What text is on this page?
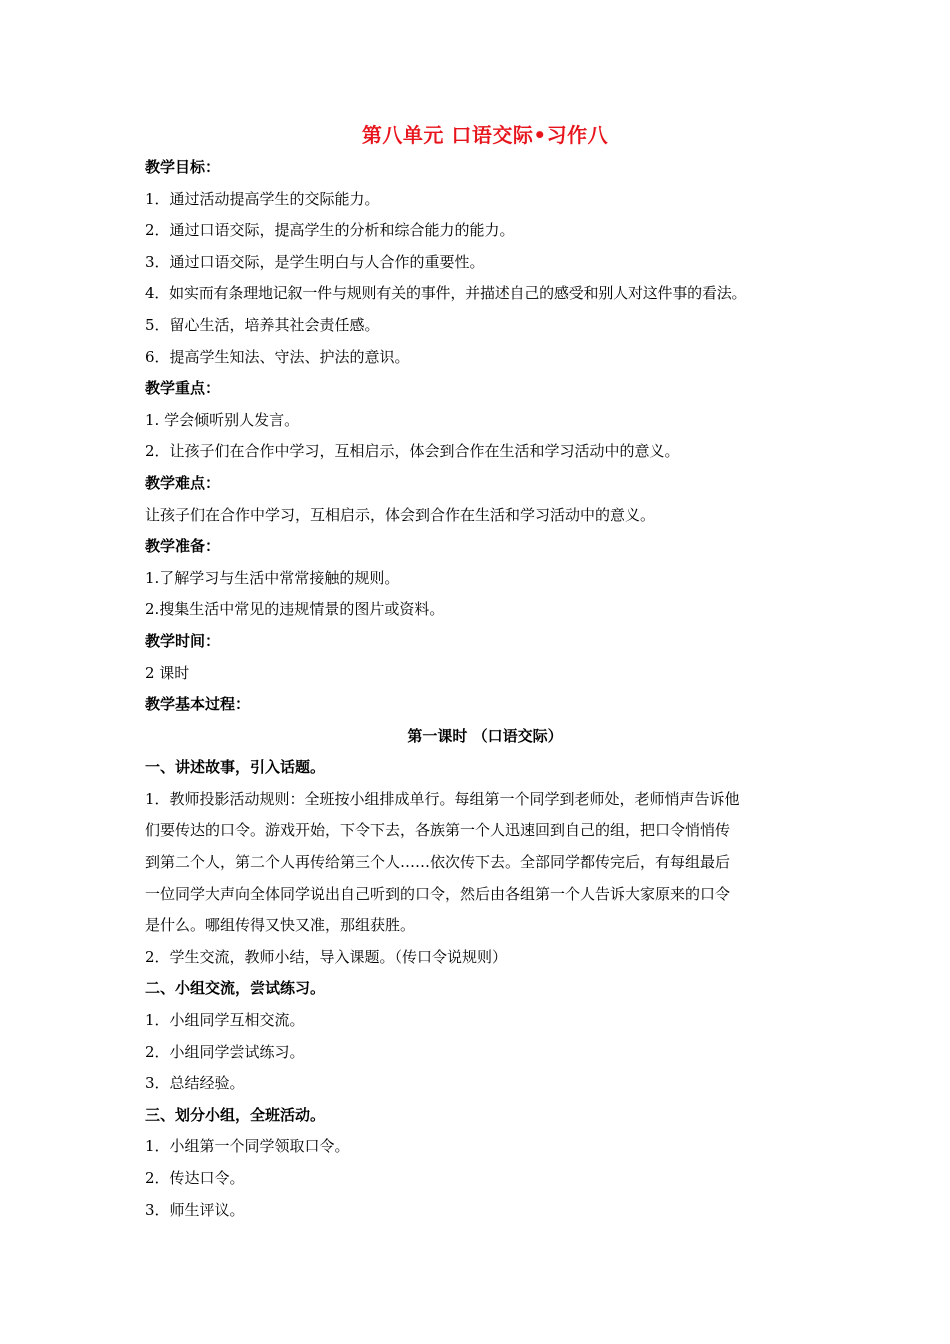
第八单元 口语交际•习作八

教学目标：

1．通过活动提高学生的交际能力。

2．通过口语交际，提高学生的分析和综合能力的能力。

3．通过口语交际，是学生明白与人合作的重要性。

4．如实而有条理地记叙一件与规则有关的事件，并描述自己的感受和别人对这件事的看法。

5．留心生活，培养其社会责任感。

6．提高学生知法、守法、护法的意识。

教学重点：

1. 学会倾听别人发言。

2．让孩子们在合作中学习，互相启示，体会到合作在生活和学习活动中的意义。

教学难点：

让孩子们在合作中学习，互相启示，体会到合作在生活和学习活动中的意义。

教学准备：

1.了解学习与生活中常常接触的规则。

2.搜集生活中常见的违规情景的图片或资料。

教学时间：

2 课时

教学基本过程：

第一课时 （口语交际）

一、讲述故事，引入话题。

1．教师投影活动规则：全班按小组排成单行。每组第一个同学到老师处，老师悄声告诉他
们要传达的口令。游戏开始，下令下去，各族第一个人迅速回到自己的组，把口令悄悄传
到第二个人，第二个人再传给第三个人……依次传下去。全部同学都传完后，有每组最后
一位同学大声向全体同学说出自己听到的口令，然后由各组第一个人告诉大家原来的口令
是什么。哪组传得又快又准，那组获胜。

2．学生交流，教师小结，导入课题。（传口令说规则）

二、小组交流，尝试练习。

1．小组同学互相交流。

2．小组同学尝试练习。

3．总结经验。

三、划分小组，全班活动。

1．小组第一个同学领取口令。

2．传达口令。

3．师生评议。
